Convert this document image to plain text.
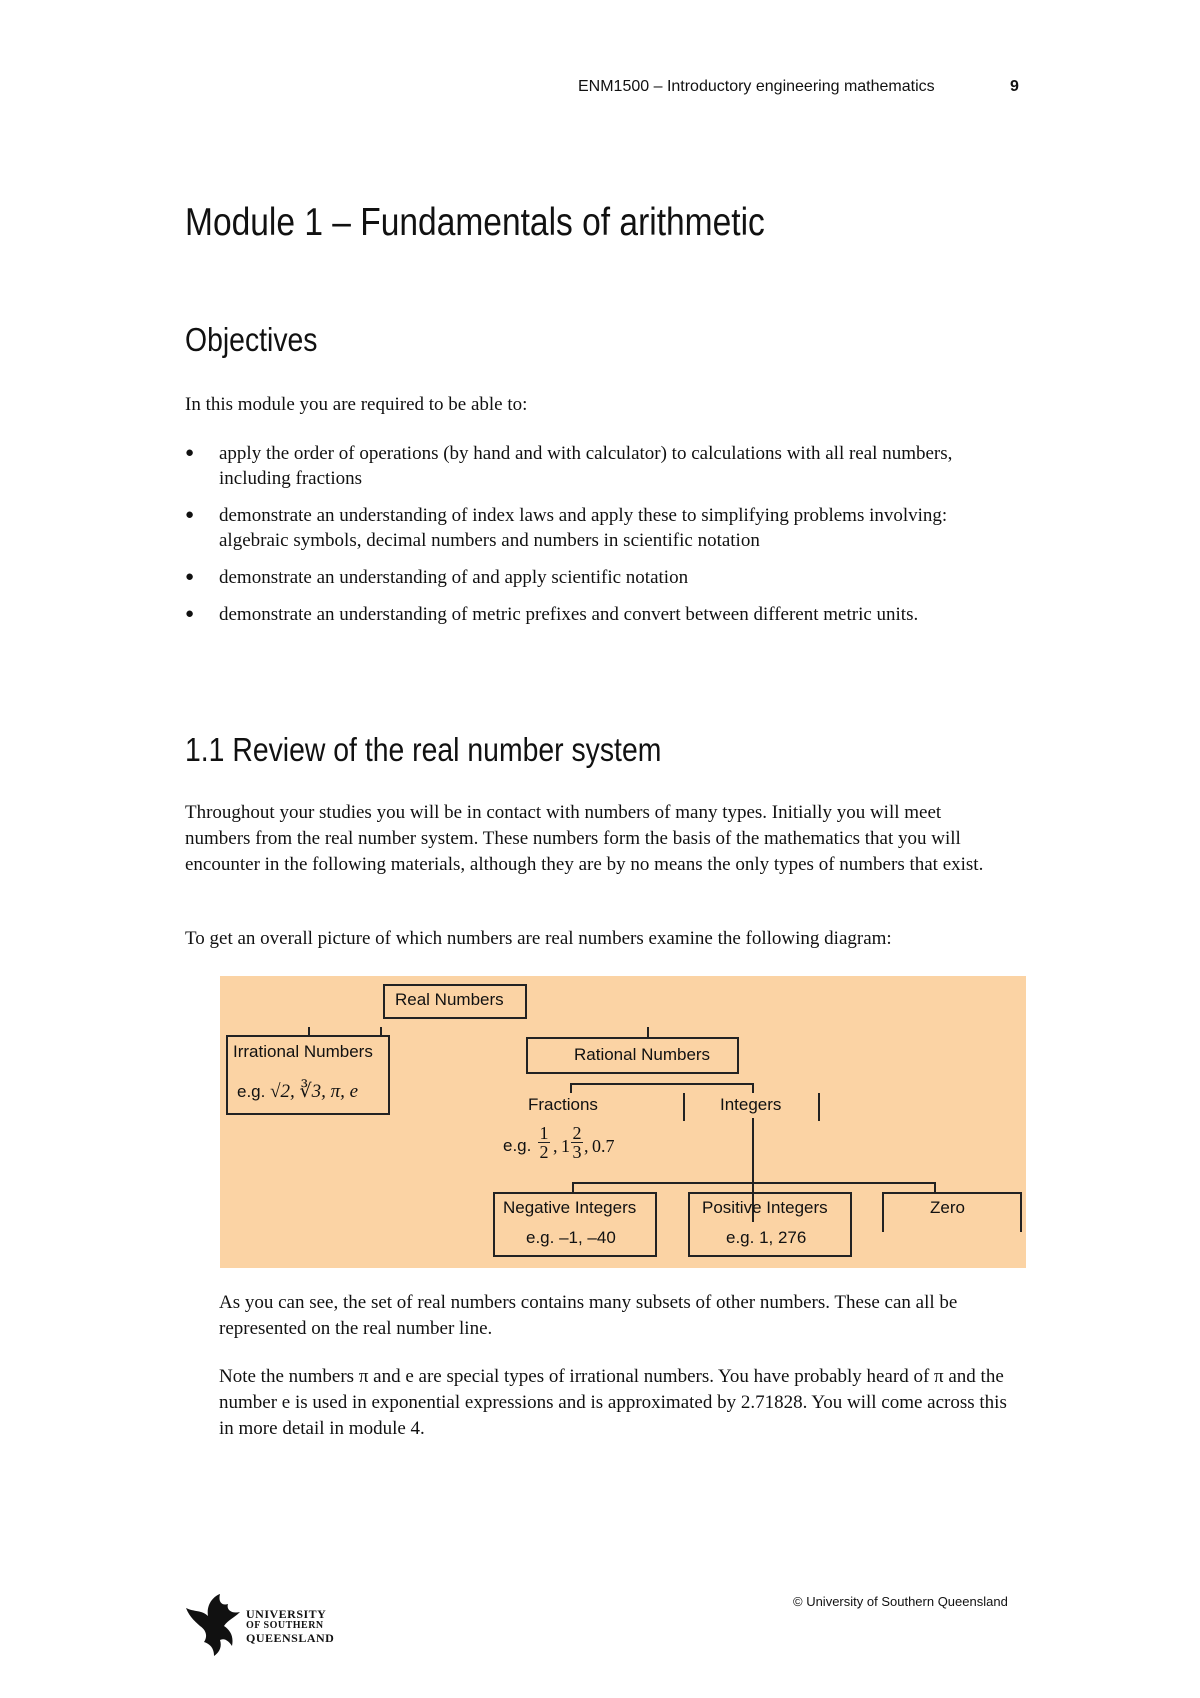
ENM1500 – Introductory engineering mathematics	9
Module 1 – Fundamentals of arithmetic
Objectives

In this module you are required to be able to:

● apply the order of operations (by hand and with calculator) to calculations with all real numbers, including fractions
● demonstrate an understanding of index laws and apply these to simplifying problems involving: algebraic symbols, decimal numbers and numbers in scientific notation
● demonstrate an understanding of and apply scientific notation
● demonstrate an understanding of metric prefixes and convert between different metric units.
1.1 Review of the real number system

Throughout your studies you will be in contact with numbers of many types. Initially you will meet numbers from the real number system. These numbers form the basis of the mathematics that you will encounter in the following materials, although they are by no means the only types of numbers that exist.

To get an overall picture of which numbers are real numbers examine the following diagram:

Real Numbers
Irrational Numbers
e.g. √2, ∛3, π, e
Rational Numbers
Fractions	Integers
e.g. $\frac{1}{2}$ , $1 \frac{2}{3}$ , 0.7
Negative Integers
e.g. –1, –40
Positive Integers
e.g. 1, 276
Zero

As you can see, the set of real numbers contains many subsets of other numbers. These can all be represented on the real number line.

Note the numbers π and e are special types of irrational numbers. You have probably heard of π and the number e is used in exponential expressions and is approximated by 2.71828. You will come across this in more detail in module 4.

© University of Southern Queensland
UNIVERSITY
OF SOUTHERN
QUEENSLAND
